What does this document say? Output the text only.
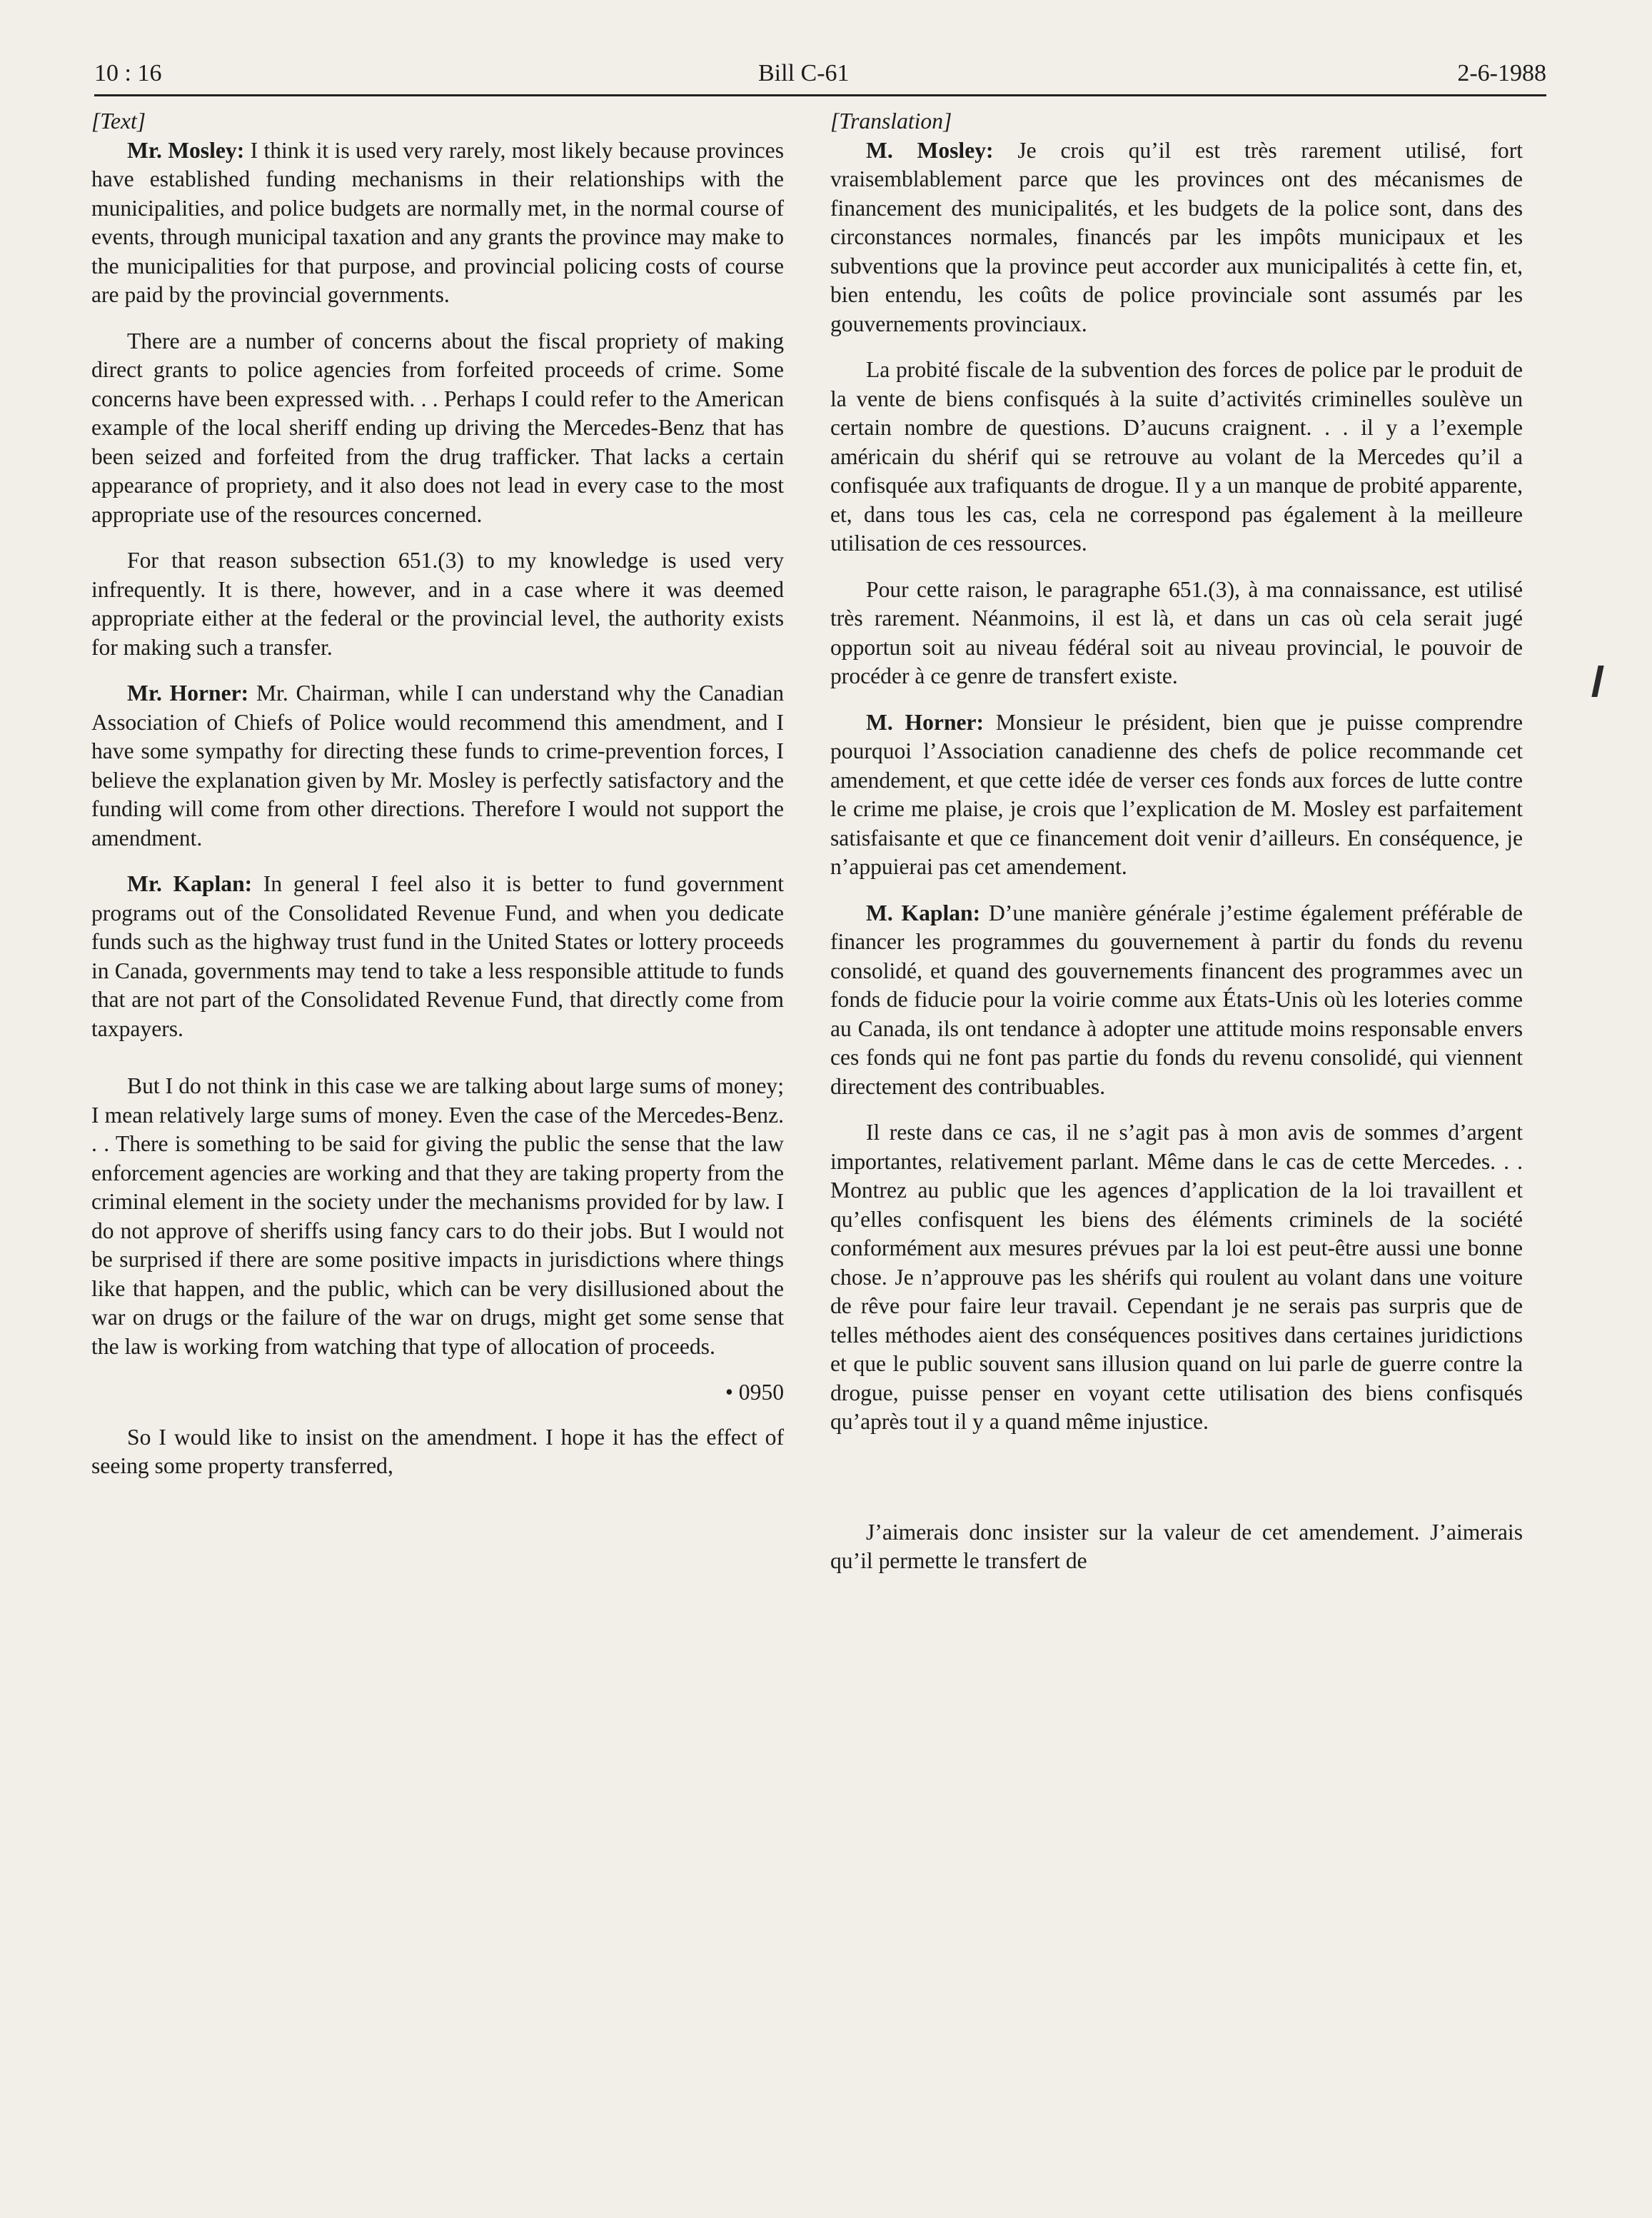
10 : 16	Bill C-61	2-6-1988

[Text]

Mr. Mosley: I think it is used very rarely, most likely because provinces have established funding mechanisms in their relationships with the municipalities, and police budgets are normally met, in the normal course of events, through municipal taxation and any grants the province may make to the municipalities for that purpose, and provincial policing costs of course are paid by the provincial governments.

There are a number of concerns about the fiscal propriety of making direct grants to police agencies from forfeited proceeds of crime. Some concerns have been expressed with. . . Perhaps I could refer to the American example of the local sheriff ending up driving the Mercedes-Benz that has been seized and forfeited from the drug trafficker. That lacks a certain appearance of propriety, and it also does not lead in every case to the most appropriate use of the resources concerned.

For that reason subsection 651.(3) to my knowledge is used very infrequently. It is there, however, and in a case where it was deemed appropriate either at the federal or the provincial level, the authority exists for making such a transfer.

Mr. Horner: Mr. Chairman, while I can understand why the Canadian Association of Chiefs of Police would recommend this amendment, and I have some sympathy for directing these funds to crime-prevention forces, I believe the explanation given by Mr. Mosley is perfectly satisfactory and the funding will come from other directions. Therefore I would not support the amendment.

Mr. Kaplan: In general I feel also it is better to fund government programs out of the Consolidated Revenue Fund, and when you dedicate funds such as the highway trust fund in the United States or lottery proceeds in Canada, governments may tend to take a less responsible attitude to funds that are not part of the Consolidated Revenue Fund, that directly come from taxpayers.

But I do not think in this case we are talking about large sums of money; I mean relatively large sums of money. Even the case of the Mercedes-Benz. . . There is something to be said for giving the public the sense that the law enforcement agencies are working and that they are taking property from the criminal element in the society under the mechanisms provided for by law. I do not approve of sheriffs using fancy cars to do their jobs. But I would not be surprised if there are some positive impacts in jurisdictions where things like that happen, and the public, which can be very disillusioned about the war on drugs or the failure of the war on drugs, might get some sense that the law is working from watching that type of allocation of proceeds.

• 0950

So I would like to insist on the amendment. I hope it has the effect of seeing some property transferred,

[Translation]

M. Mosley: Je crois qu’il est très rarement utilisé, fort vraisemblablement parce que les provinces ont des mécanismes de financement des municipalités, et les budgets de la police sont, dans des circonstances normales, financés par les impôts municipaux et les subventions que la province peut accorder aux municipalités à cette fin, et, bien entendu, les coûts de police provinciale sont assumés par les gouvernements provinciaux.

La probité fiscale de la subvention des forces de police par le produit de la vente de biens confisqués à la suite d’activités criminelles soulève un certain nombre de questions. D’aucuns craignent. . . il y a l’exemple américain du shérif qui se retrouve au volant de la Mercedes qu’il a confisquée aux trafiquants de drogue. Il y a un manque de probité apparente, et, dans tous les cas, cela ne correspond pas également à la meilleure utilisation de ces ressources.

Pour cette raison, le paragraphe 651.(3), à ma connaissance, est utilisé très rarement. Néanmoins, il est là, et dans un cas où cela serait jugé opportun soit au niveau fédéral soit au niveau provincial, le pouvoir de procéder à ce genre de transfert existe.

M. Horner: Monsieur le président, bien que je puisse comprendre pourquoi l’Association canadienne des chefs de police recommande cet amendement, et que cette idée de verser ces fonds aux forces de lutte contre le crime me plaise, je crois que l’explication de M. Mosley est parfaitement satisfaisante et que ce financement doit venir d’ailleurs. En conséquence, je n’appuierai pas cet amendement.

M. Kaplan: D’une manière générale j’estime également préférable de financer les programmes du gouvernement à partir du fonds du revenu consolidé, et quand des gouvernements financent des programmes avec un fonds de fiducie pour la voirie comme aux États-Unis où les loteries comme au Canada, ils ont tendance à adopter une attitude moins responsable envers ces fonds qui ne font pas partie du fonds du revenu consolidé, qui viennent directement des contribuables.

Il reste dans ce cas, il ne s’agit pas à mon avis de sommes d’argent importantes, relativement parlant. Même dans le cas de cette Mercedes. . . Montrez au public que les agences d’application de la loi travaillent et qu’elles confisquent les biens des éléments criminels de la société conformément aux mesures prévues par la loi est peut-être aussi une bonne chose. Je n’approuve pas les shérifs qui roulent au volant dans une voiture de rêve pour faire leur travail. Cependant je ne serais pas surpris que de telles méthodes aient des conséquences positives dans certaines juridictions et que le public souvent sans illusion quand on lui parle de guerre contre la drogue, puisse penser en voyant cette utilisation des biens confisqués qu’après tout il y a quand même injustice.

J’aimerais donc insister sur la valeur de cet amendement. J’aimerais qu’il permette le transfert de
